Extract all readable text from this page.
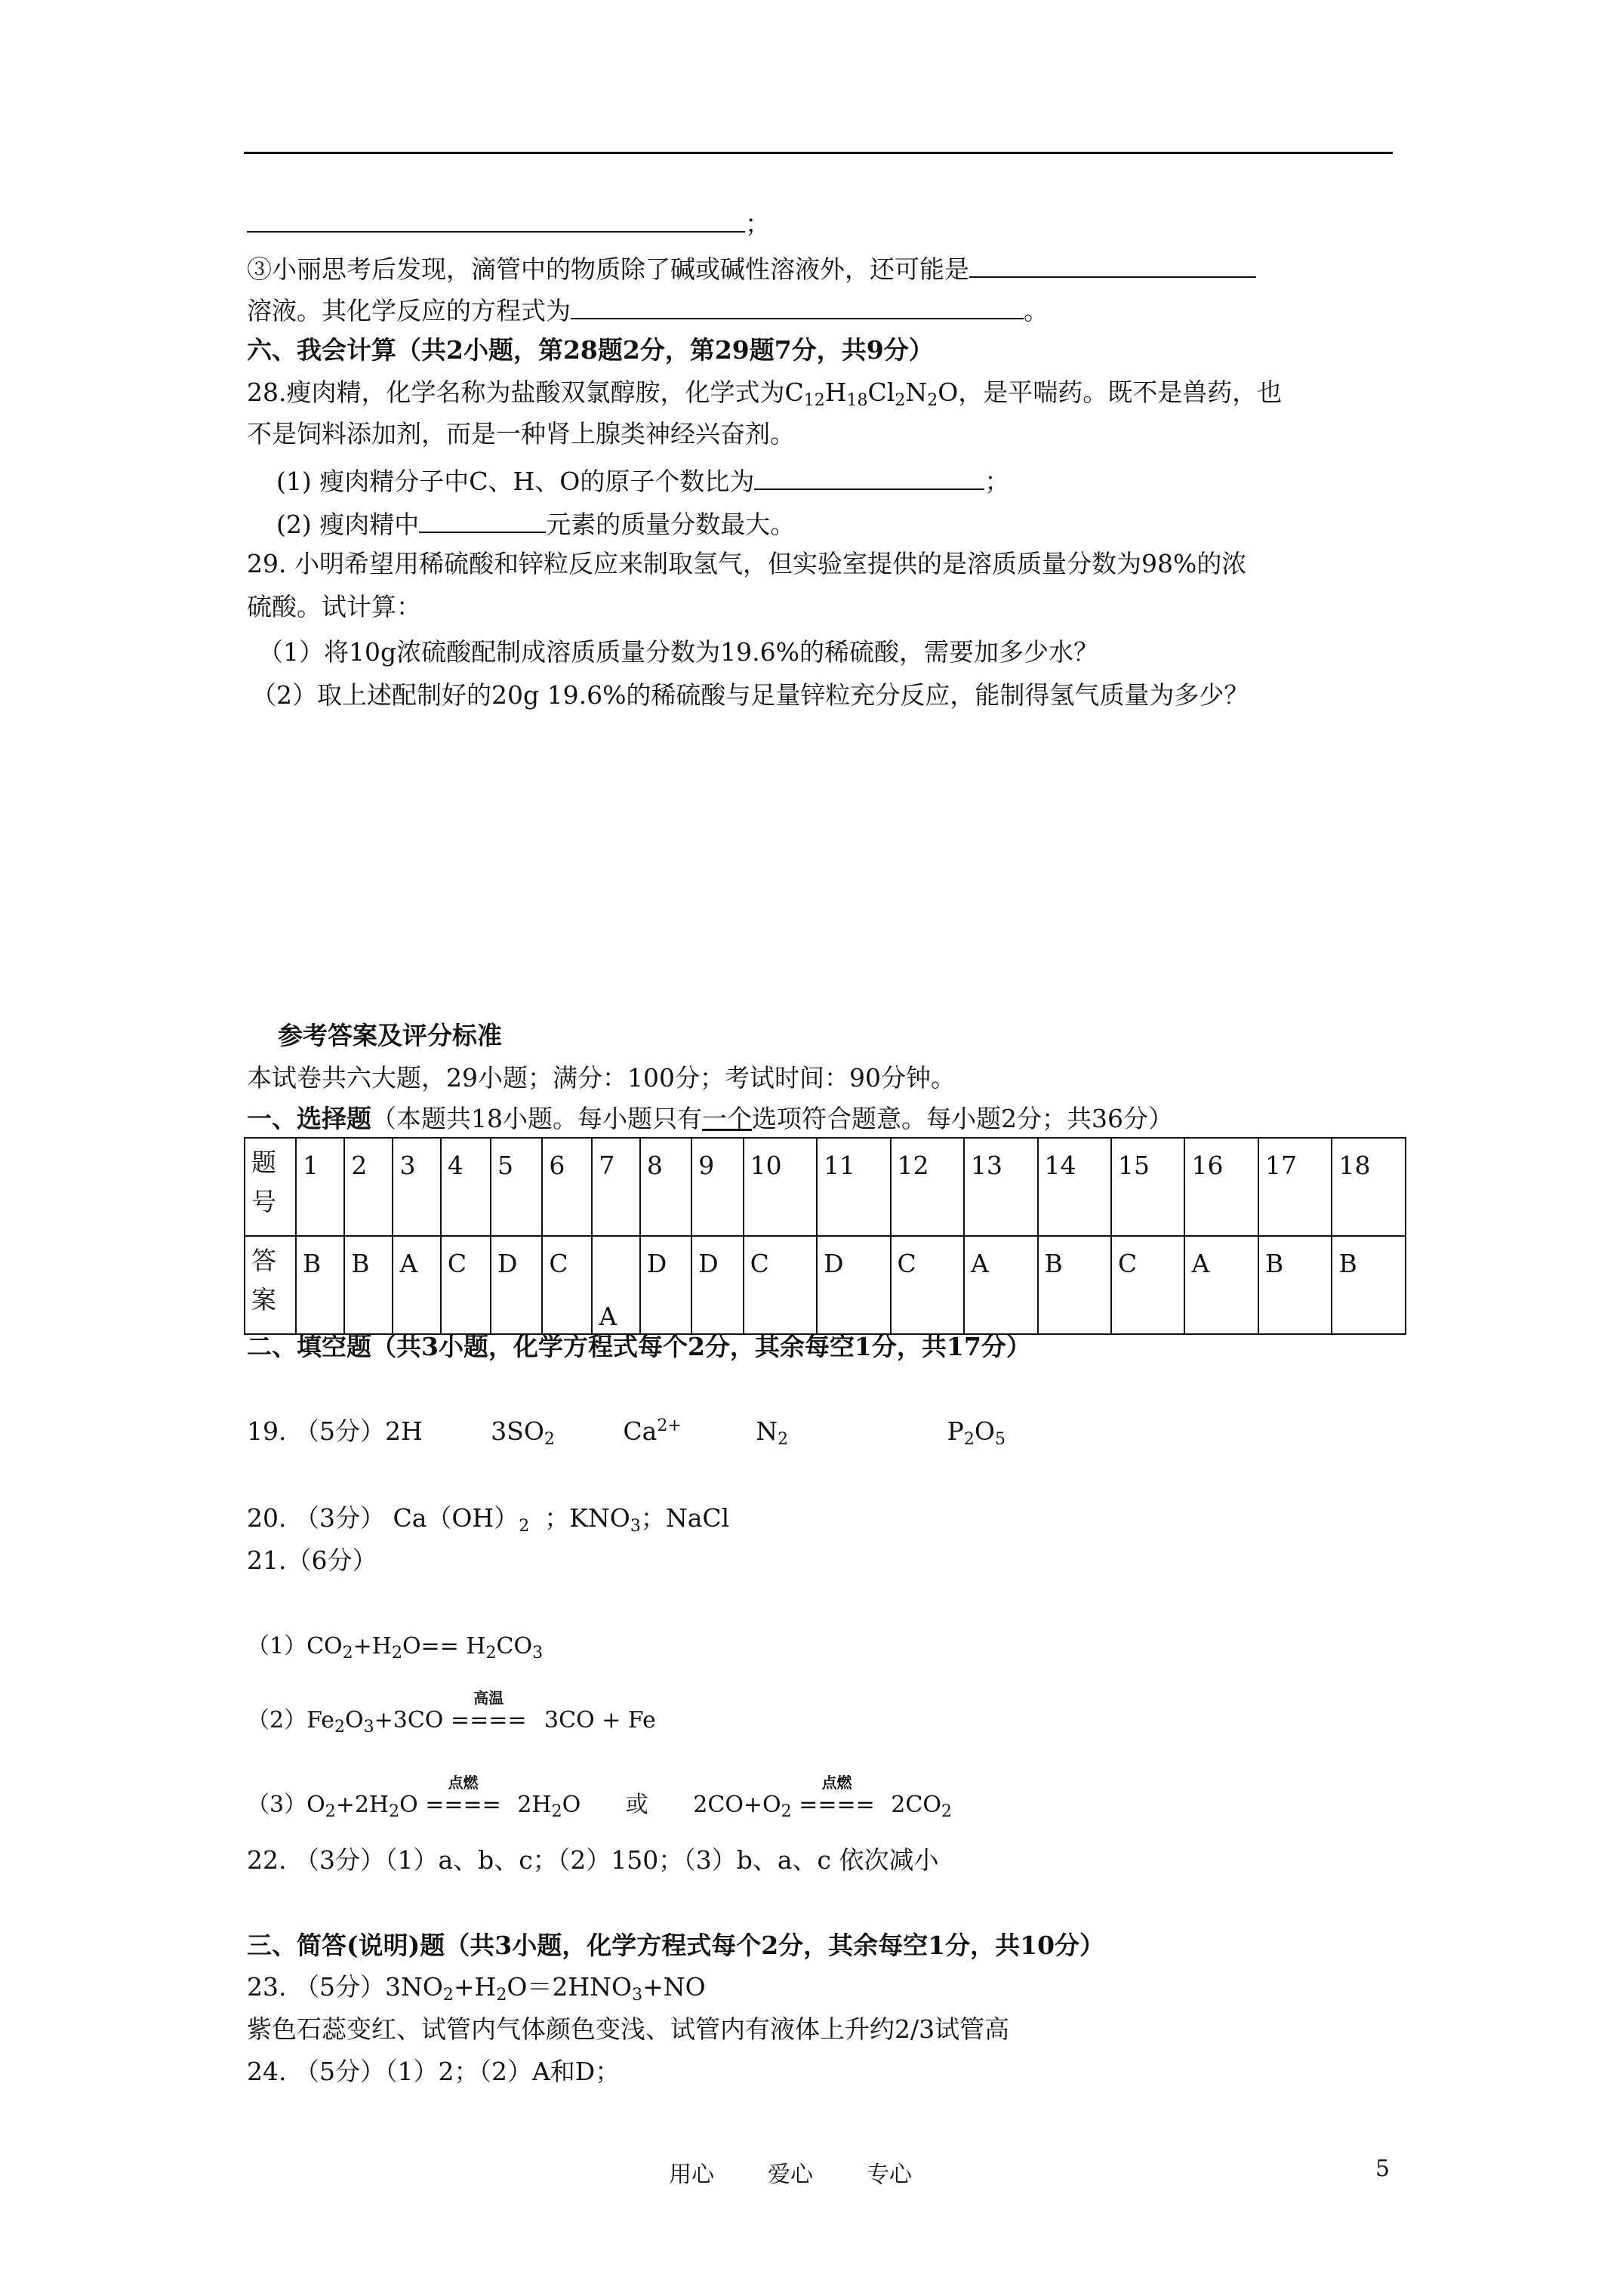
；
③小丽思考后发现，滴管中的物质除了碱或碱性溶液外，还可能是
溶液。其化学反应的方程式为	。
六、我会计算（共2小题，第28题2分，第29题7分，共9分）
28.瘦肉精，化学名称为盐酸双氯醇胺，化学式为$C_{12}H_{18}Cl_2N_2O$，是平喘药。既不是兽药，也
不是饲料添加剂，而是一种肾上腺类神经兴奋剂。
(1) 瘦肉精分子中C、H、O的原子个数比为	；
(2) 瘦肉精中	元素的质量分数最大。
29. 小明希望用稀硫酸和锌粒反应来制取氢气，但实验室提供的是溶质质量分数为98%的浓
硫酸。试计算：
（1）将10g浓硫酸配制成溶质质量分数为19.6%的稀硫酸，需要加多少水？
（2）取上述配制好的20g 19.6%的稀硫酸与足量锌粒充分反应，能制得氢气质量为多少？
参考答案及评分标准
本试卷共六大题，29小题；满分：100分；考试时间：90分钟。
一、选择题（本题共18小题。每小题只有一个选项符合题意。每小题2分；共36分）
题
号	1	2	3	4	5	6	7	8	9	10	11	12	13	14	15	16	17	18
答
案	B	B	A	C	D	C	A	D	D	C	D	C	A	B	C	A	B	B
二、填空题（共3小题，化学方程式每个2分，其余每空1分，共17分）
19. （5分）2H	$3SO_2$	$Ca^{2+}$	$N_2$	$P_2O_5$
20. （3分） $Ca(OH)_2$ ；$KNO_3$；NaCl
21.（6分）
$(1)CO_2+H_2O== H_2CO_3$
$(2)Fe_2O_3+3CO$
高温
==== 3CO + Fe
$(3)O_2+2H_2O$
点燃
==== $2H_2O$ 或 $2CO+O_2$
点燃
==== $2CO_2$
22. （3分）（1）a、b、c；（2）150；（3）b、a、c 依次减小
三、简答(说明)题（共3小题，化学方程式每个2分，其余每空1分，共10分）
23. （5分）$3NO_2+H_2O=2HNO_3+NO$
紫色石蕊变红、试管内气体颜色变浅、试管内有液体上升约2/3试管高
24. （5分）（1）2；（2）A和D；
用心 爱心 专心	5
